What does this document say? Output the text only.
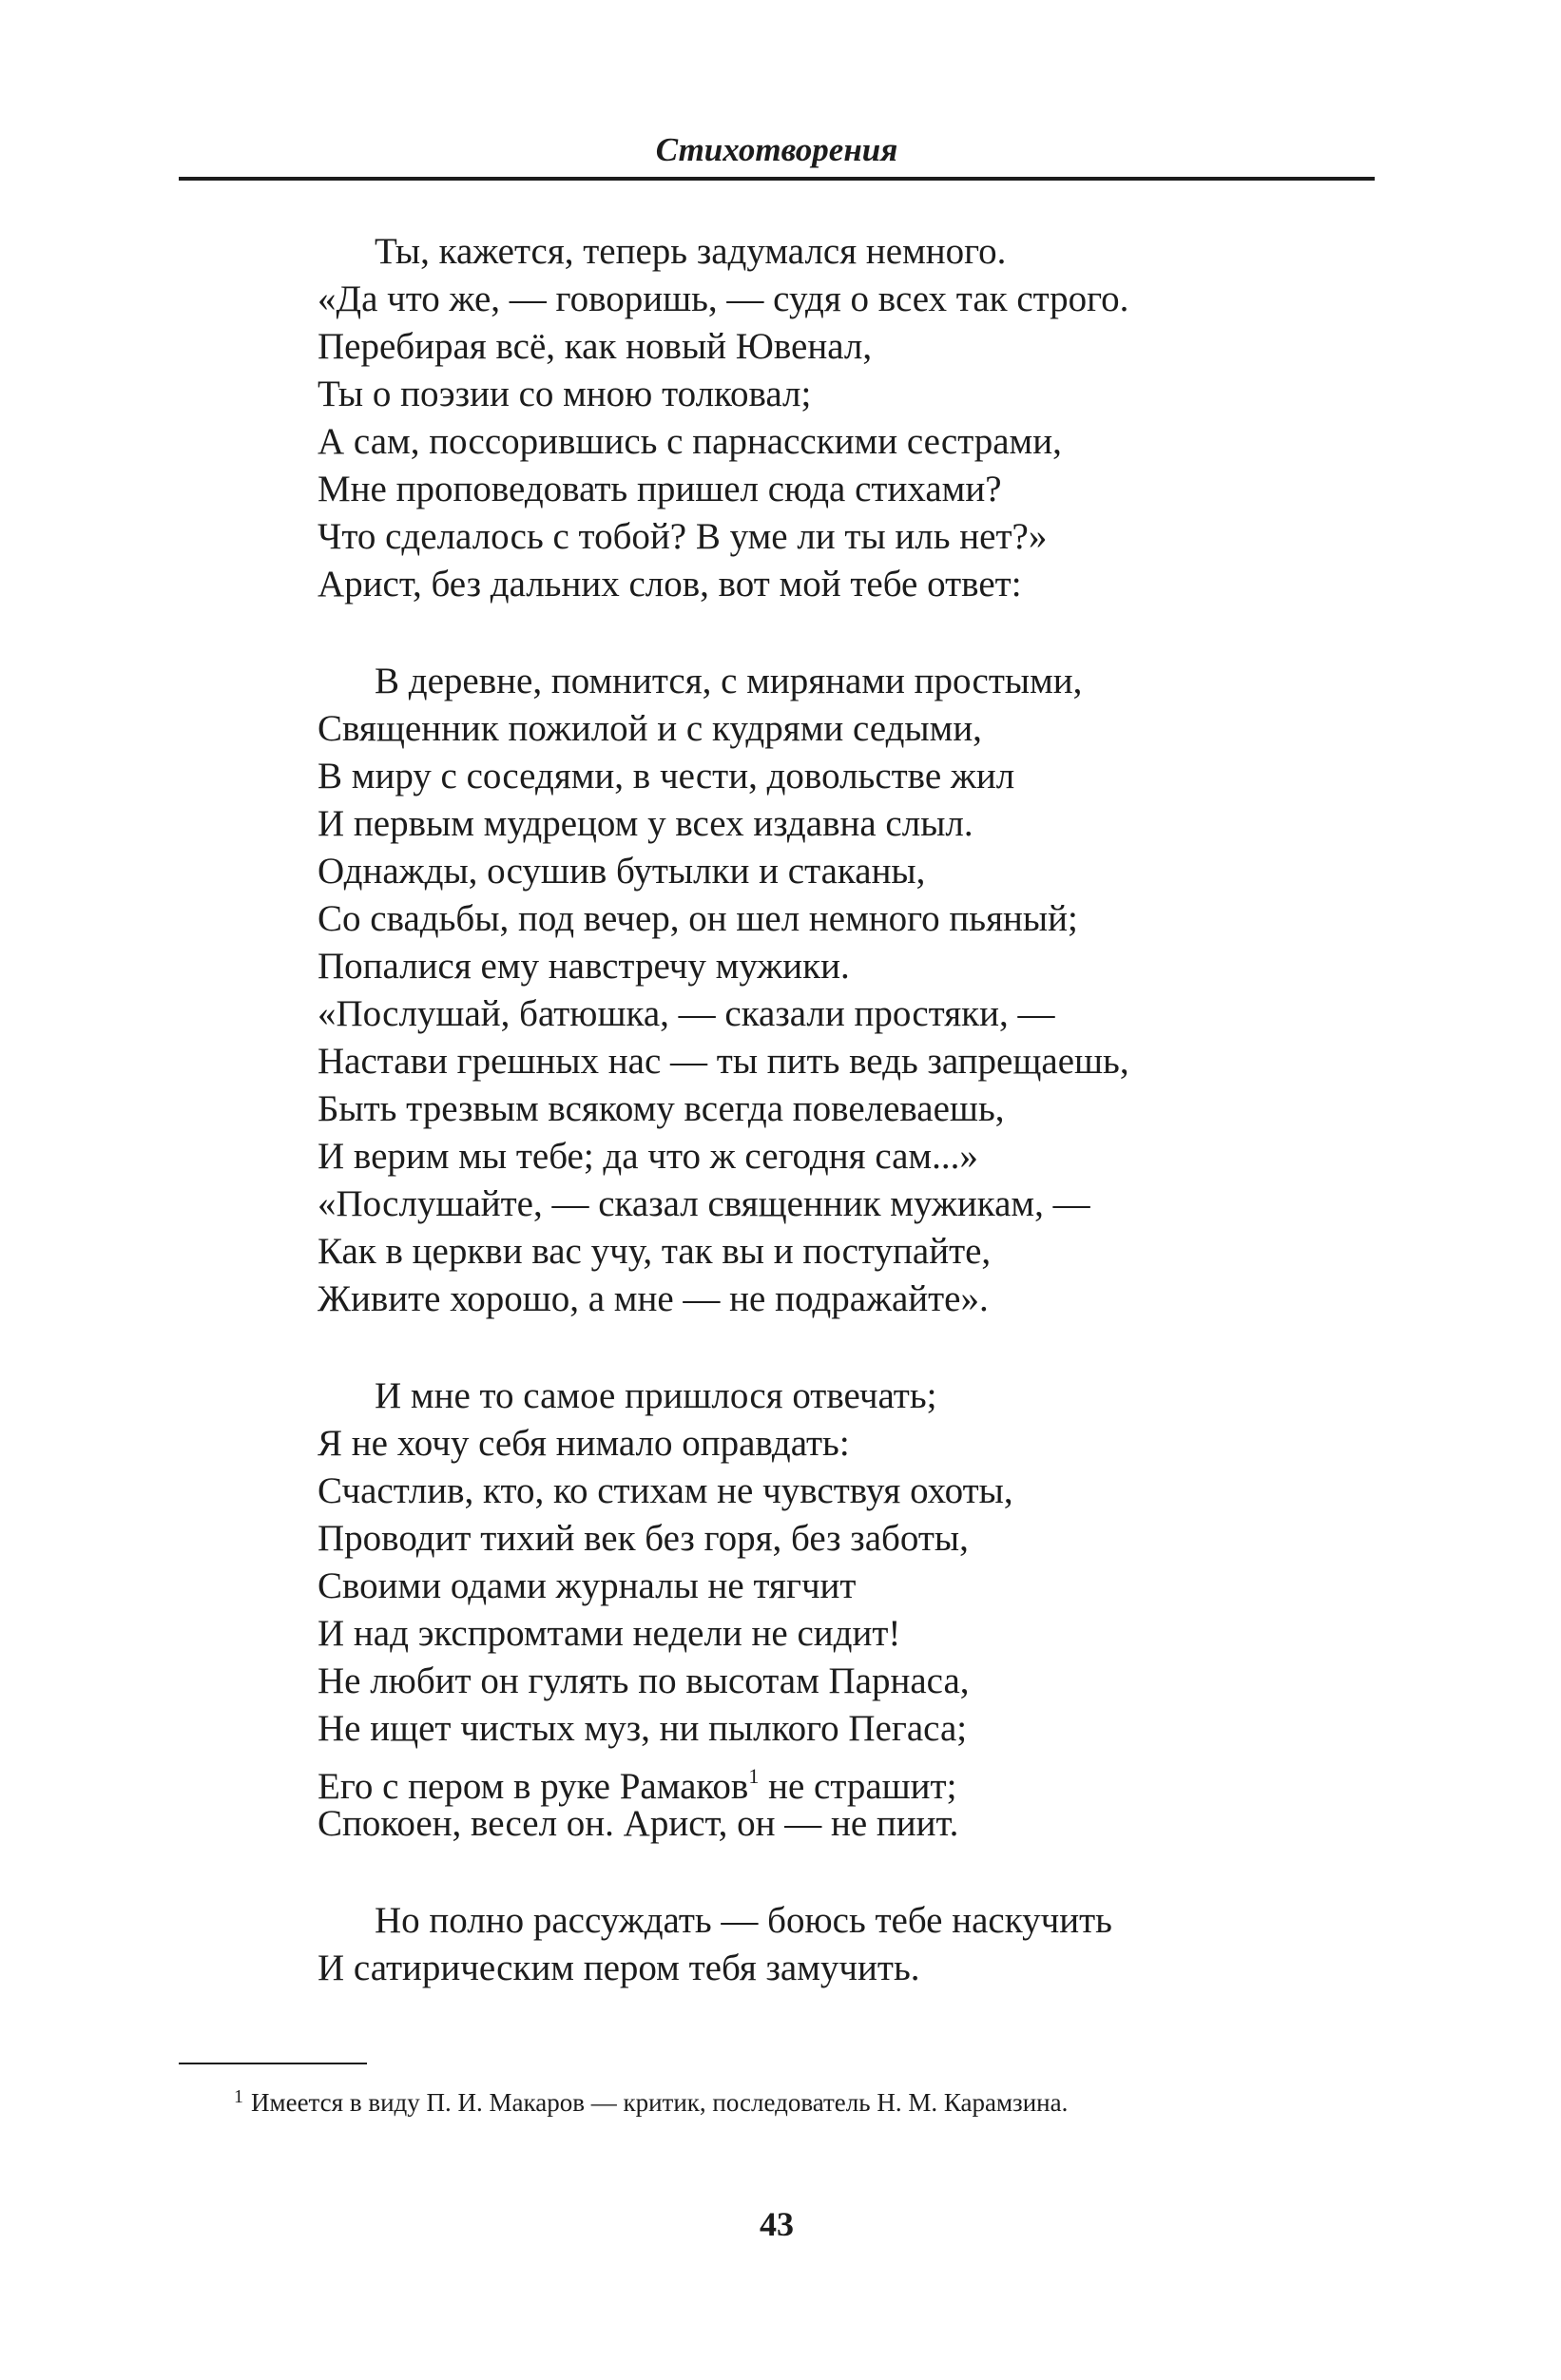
Стихотворения
Ты, кажется, теперь задумался немного.
«Да что же, — говоришь, — судя о всех так строго.
Перебирая всё, как новый Ювенал,
Ты о поэзии со мною толковал;
А сам, поссорившись с парнасскими сестрами,
Мне проповедовать пришел сюда стихами?
Что сделалось с тобой? В уме ли ты иль нет?»
Арист, без дальних слов, вот мой тебе ответ:
В деревне, помнится, с мирянами простыми,
Священник пожилой и с кудрями седыми,
В миру с соседями, в чести, довольстве жил
И первым мудрецом у всех издавна слыл.
Однажды, осушив бутылки и стаканы,
Со свадьбы, под вечер, он шел немного пьяный;
Попалися ему навстречу мужики.
«Послушай, батюшка, — сказали простяки, —
Настави грешных нас — ты пить ведь запрещаешь,
Быть трезвым всякому всегда повелеваешь,
И верим мы тебе; да что ж сегодня сам...»
«Послушайте, — сказал священник мужикам, —
Как в церкви вас учу, так вы и поступайте,
Живите хорошо, а мне — не подражайте».
И мне то самое пришлося отвечать;
Я не хочу себя нимало оправдать:
Счастлив, кто, ко стихам не чувствуя охоты,
Проводит тихий век без горя, без заботы,
Своими одами журналы не тягчит
И над экспромтами недели не сидит!
Не любит он гулять по высотам Парнаса,
Не ищет чистых муз, ни пылкого Пегаса;
Его с пером в руке Рамаков$^1$ не страшит;
Спокоен, весел он. Арист, он — не пиит.
Но полно рассуждать — боюсь тебе наскучить
И сатирическим пером тебя замучить.
$^1$ Имеется в виду П. И. Макаров — критик, последователь Н. М. Карамзина.
43
